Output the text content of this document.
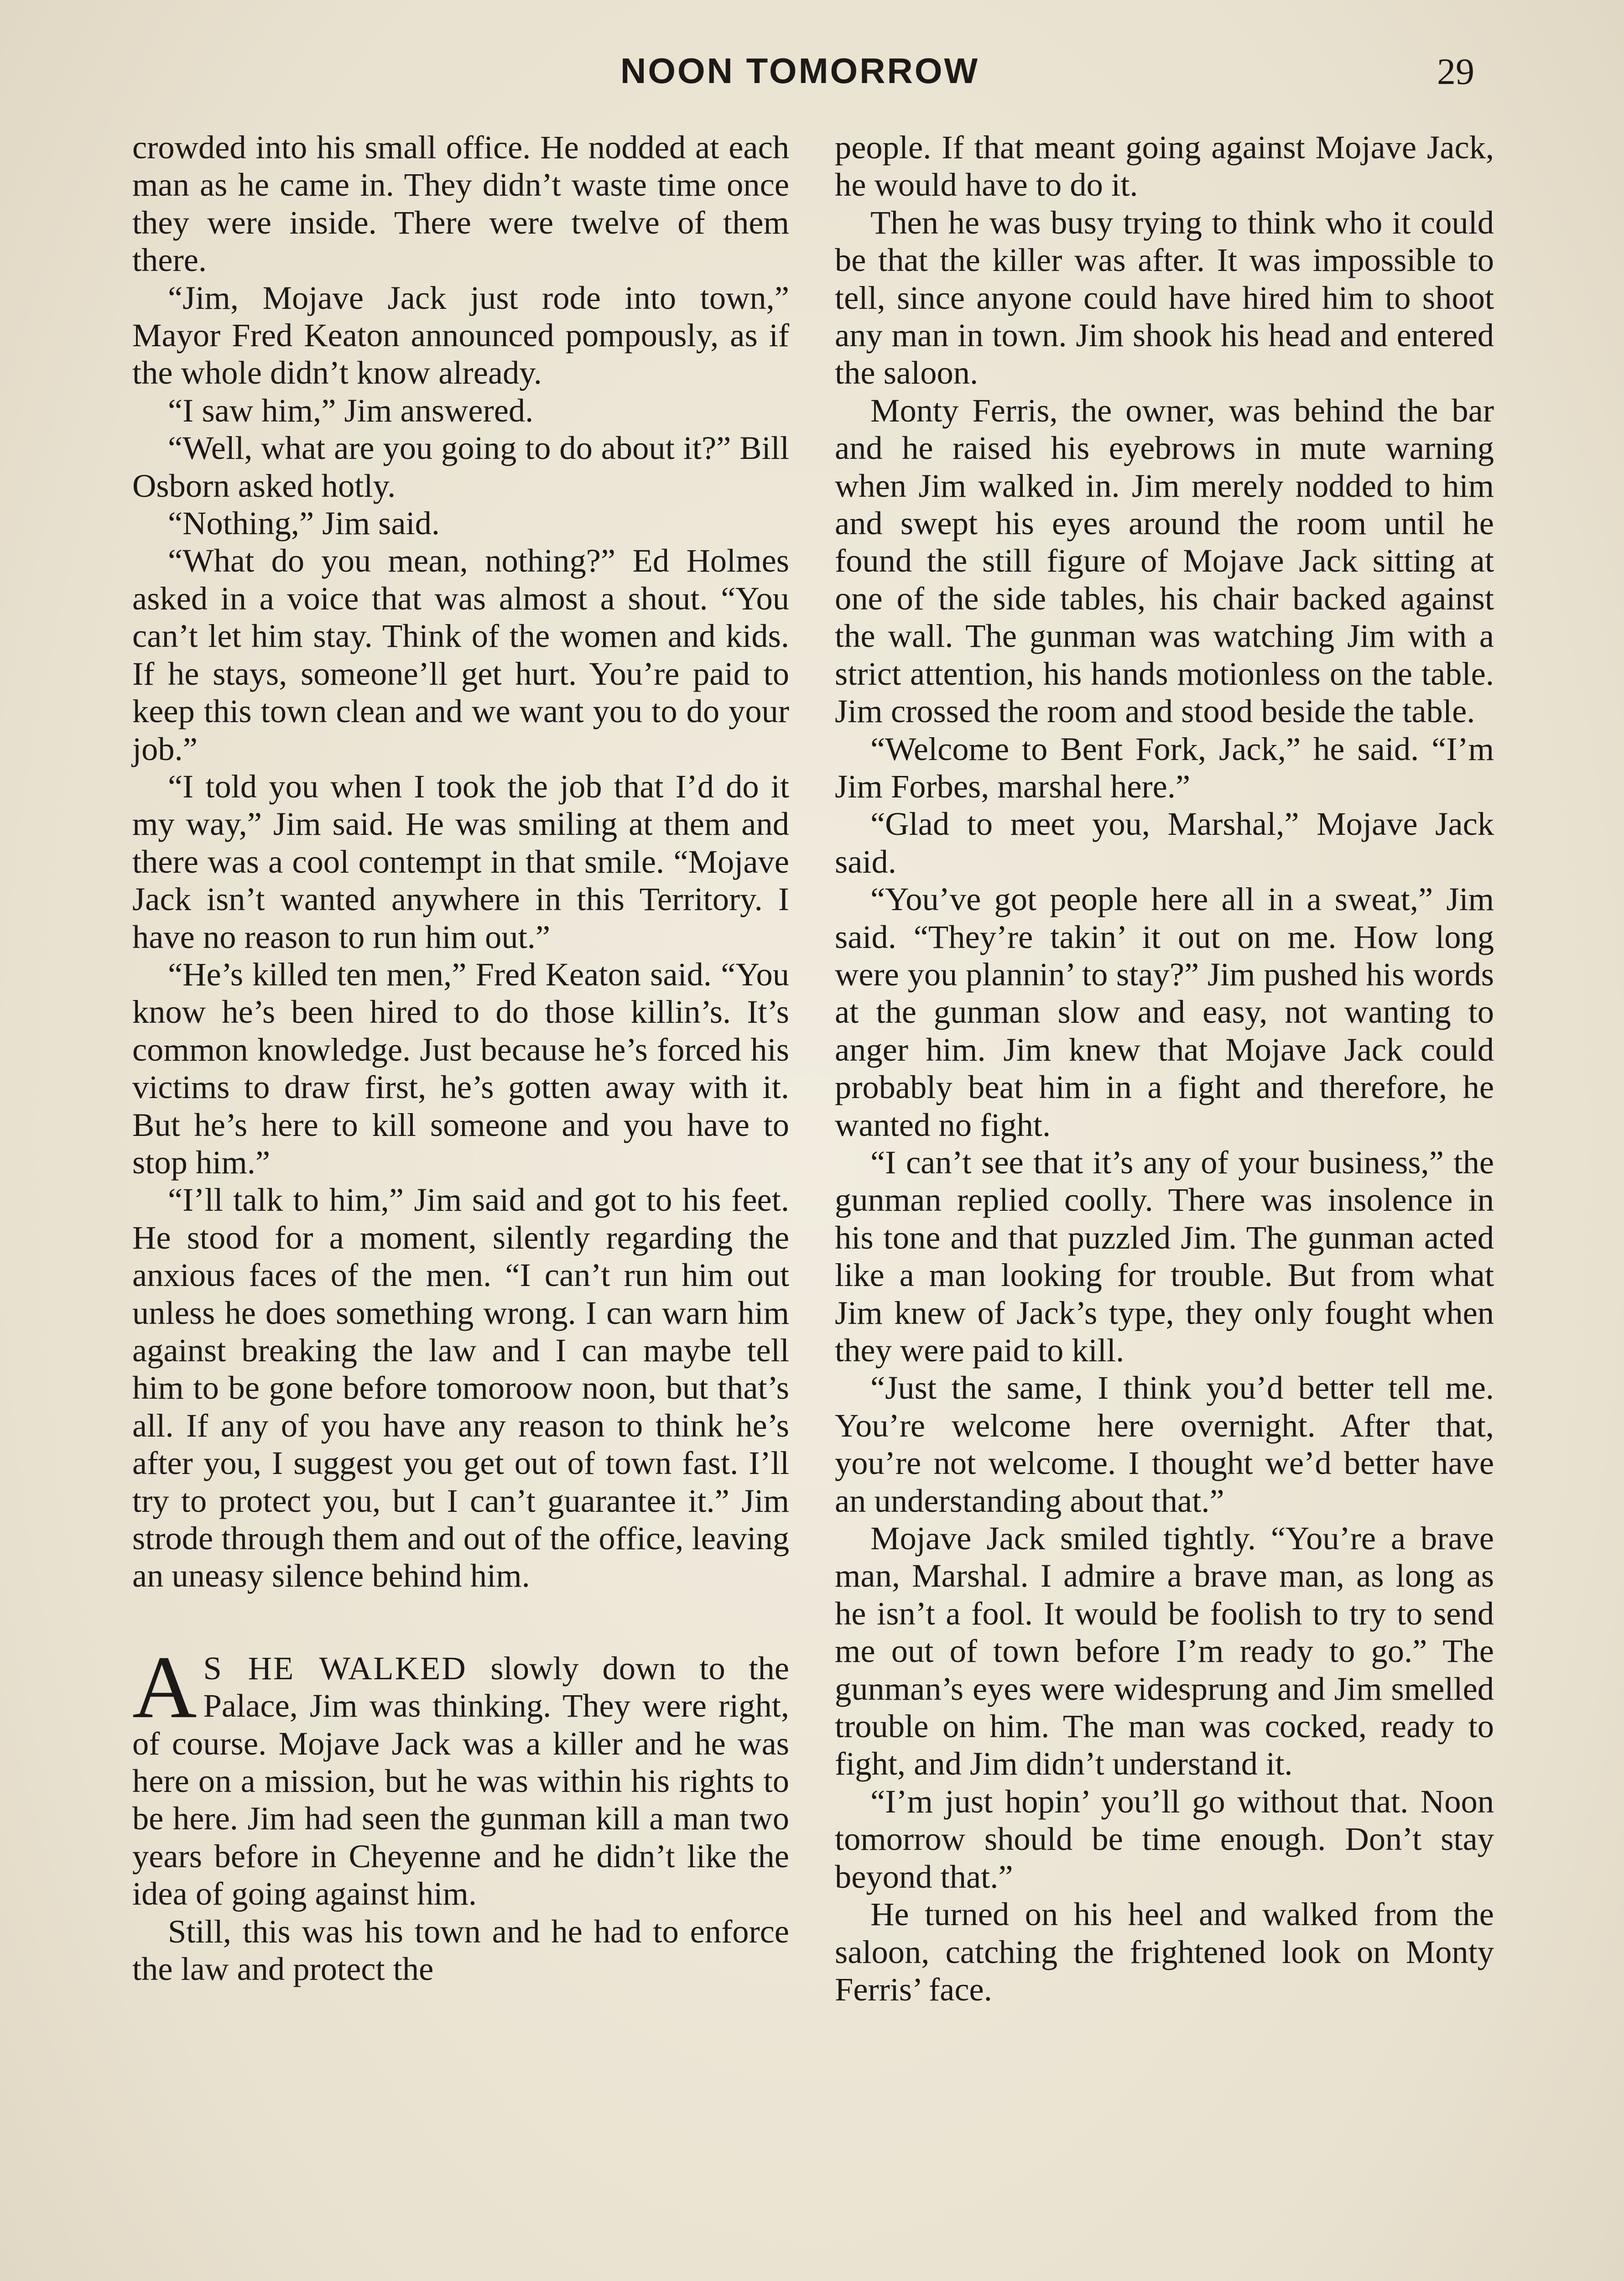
NOON TOMORROW	29

crowded into his small office. He nodded at each man as he came in. They didn’t waste time once they were inside. There were twelve of them there.

“Jim, Mojave Jack just rode into town,” Mayor Fred Keaton announced pompously, as if the whole didn’t know already.

“I saw him,” Jim answered.

“Well, what are you going to do about it?” Bill Osborn asked hotly.

“Nothing,” Jim said.

“What do you mean, nothing?” Ed Holmes asked in a voice that was almost a shout. “You can’t let him stay. Think of the women and kids. If he stays, someone’ll get hurt. You’re paid to keep this town clean and we want you to do your job.”

“I told you when I took the job that I’d do it my way,” Jim said. He was smiling at them and there was a cool contempt in that smile. “Mojave Jack isn’t wanted anywhere in this Territory. I have no reason to run him out.”

“He’s killed ten men,” Fred Keaton said. “You know he’s been hired to do those killin’s. It’s common knowledge. Just because he’s forced his victims to draw first, he’s gotten away with it. But he’s here to kill someone and you have to stop him.”

“I’ll talk to him,” Jim said and got to his feet. He stood for a moment, silently regarding the anxious faces of the men. “I can’t run him out unless he does something wrong. I can warn him against breaking the law and I can maybe tell him to be gone before tomoroow noon, but that’s all. If any of you have any reason to think he’s after you, I suggest you get out of town fast. I’ll try to protect you, but I can’t guarantee it.” Jim strode through them and out of the office, leaving an uneasy silence behind him.

A S HE WALKED slowly down to the Palace, Jim was thinking. They were right, of course. Mojave Jack was a killer and he was here on a mission, but he was within his rights to be here. Jim had seen the gunman kill a man two years before in Cheyenne and he didn’t like the idea of going against him.

Still, this was his town and he had to enforce the law and protect the

people. If that meant going against Mojave Jack, he would have to do it.

Then he was busy trying to think who it could be that the killer was after. It was impossible to tell, since anyone could have hired him to shoot any man in town. Jim shook his head and entered the saloon.

Monty Ferris, the owner, was behind the bar and he raised his eyebrows in mute warning when Jim walked in. Jim merely nodded to him and swept his eyes around the room until he found the still figure of Mojave Jack sitting at one of the side tables, his chair backed against the wall. The gunman was watching Jim with a strict attention, his hands motionless on the table. Jim crossed the room and stood beside the table.

“Welcome to Bent Fork, Jack,” he said. “I’m Jim Forbes, marshal here.”

“Glad to meet you, Marshal,” Mojave Jack said.

“You’ve got people here all in a sweat,” Jim said. “They’re takin’ it out on me. How long were you plannin’ to stay?” Jim pushed his words at the gunman slow and easy, not wanting to anger him. Jim knew that Mojave Jack could probably beat him in a fight and therefore, he wanted no fight.

“I can’t see that it’s any of your business,” the gunman replied coolly. There was insolence in his tone and that puzzled Jim. The gunman acted like a man looking for trouble. But from what Jim knew of Jack’s type, they only fought when they were paid to kill.

“Just the same, I think you’d better tell me. You’re welcome here overnight. After that, you’re not welcome. I thought we’d better have an understanding about that.”

Mojave Jack smiled tightly. “You’re a brave man, Marshal. I admire a brave man, as long as he isn’t a fool. It would be foolish to try to send me out of town before I’m ready to go.” The gunman’s eyes were widesprung and Jim smelled trouble on him. The man was cocked, ready to fight, and Jim didn’t understand it.

“I’m just hopin’ you’ll go without that. Noon tomorrow should be time enough. Don’t stay beyond that.”

He turned on his heel and walked from the saloon, catching the frightened look on Monty Ferris’ face.
